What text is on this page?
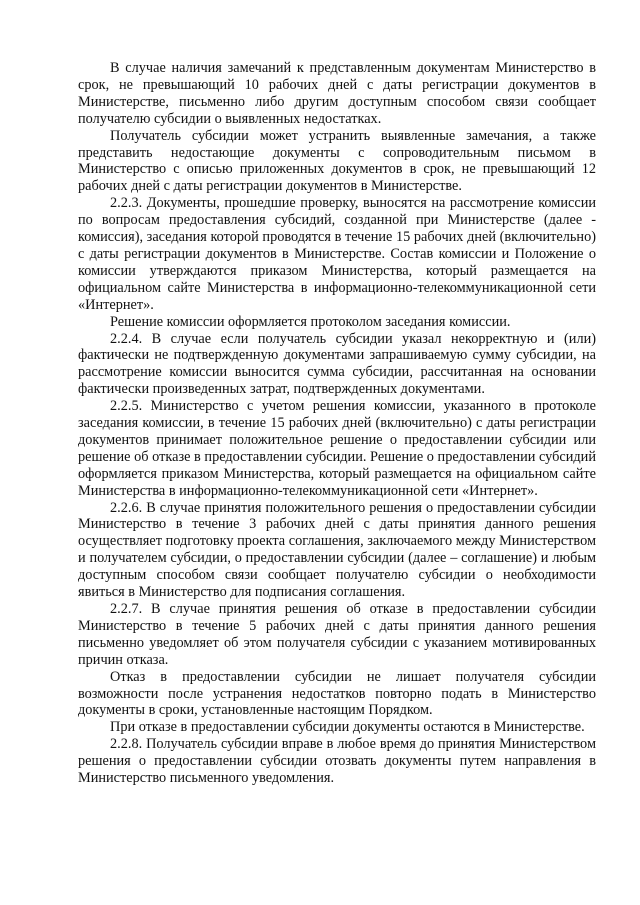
В случае наличия замечаний к представленным документам Министерство в срок, не превышающий 10 рабочих дней с даты регистрации документов в Министерстве, письменно либо другим доступным способом связи сообщает получателю субсидии о выявленных недостатках.

Получатель субсидии может устранить выявленные замечания, а также представить недостающие документы с сопроводительным письмом в Министерство с описью приложенных документов в срок, не превышающий 12 рабочих дней с даты регистрации документов в Министерстве.

2.2.3. Документы, прошедшие проверку, выносятся на рассмотрение комиссии по вопросам предоставления субсидий, созданной при Министерстве (далее - комиссия), заседания которой проводятся в течение 15 рабочих дней (включительно) с даты регистрации документов в Министерстве. Состав комиссии и Положение о комиссии утверждаются приказом Министерства, который размещается на официальном сайте Министерства в информационно-телекоммуникационной сети «Интернет».

Решение комиссии оформляется протоколом заседания комиссии.

2.2.4. В случае если получатель субсидии указал некорректную и (или) фактически не подтвержденную документами запрашиваемую сумму субсидии, на рассмотрение комиссии выносится сумма субсидии, рассчитанная на основании фактически произведенных затрат, подтвержденных документами.

2.2.5. Министерство с учетом решения комиссии, указанного в протоколе заседания комиссии, в течение 15 рабочих дней (включительно) с даты регистрации документов принимает положительное решение о предоставлении субсидии или решение об отказе в предоставлении субсидии. Решение о предоставлении субсидий оформляется приказом Министерства, который размещается на официальном сайте Министерства в информационно-телекоммуникационной сети «Интернет».

2.2.6. В случае принятия положительного решения о предоставлении субсидии Министерство в течение 3 рабочих дней с даты принятия данного решения осуществляет подготовку проекта соглашения, заключаемого между Министерством и получателем субсидии, о предоставлении субсидии (далее – соглашение) и любым доступным способом связи сообщает получателю субсидии о необходимости явиться в Министерство для подписания соглашения.

2.2.7. В случае принятия решения об отказе в предоставлении субсидии Министерство в течение 5 рабочих дней с даты принятия данного решения письменно уведомляет об этом получателя субсидии с указанием мотивированных причин отказа.

Отказ в предоставлении субсидии не лишает получателя субсидии возможности после устранения недостатков повторно подать в Министерство документы в сроки, установленные настоящим Порядком.

При отказе в предоставлении субсидии документы остаются в Министерстве.

2.2.8. Получатель субсидии вправе в любое время до принятия Министерством решения о предоставлении субсидии отозвать документы путем направления в Министерство письменного уведомления.
